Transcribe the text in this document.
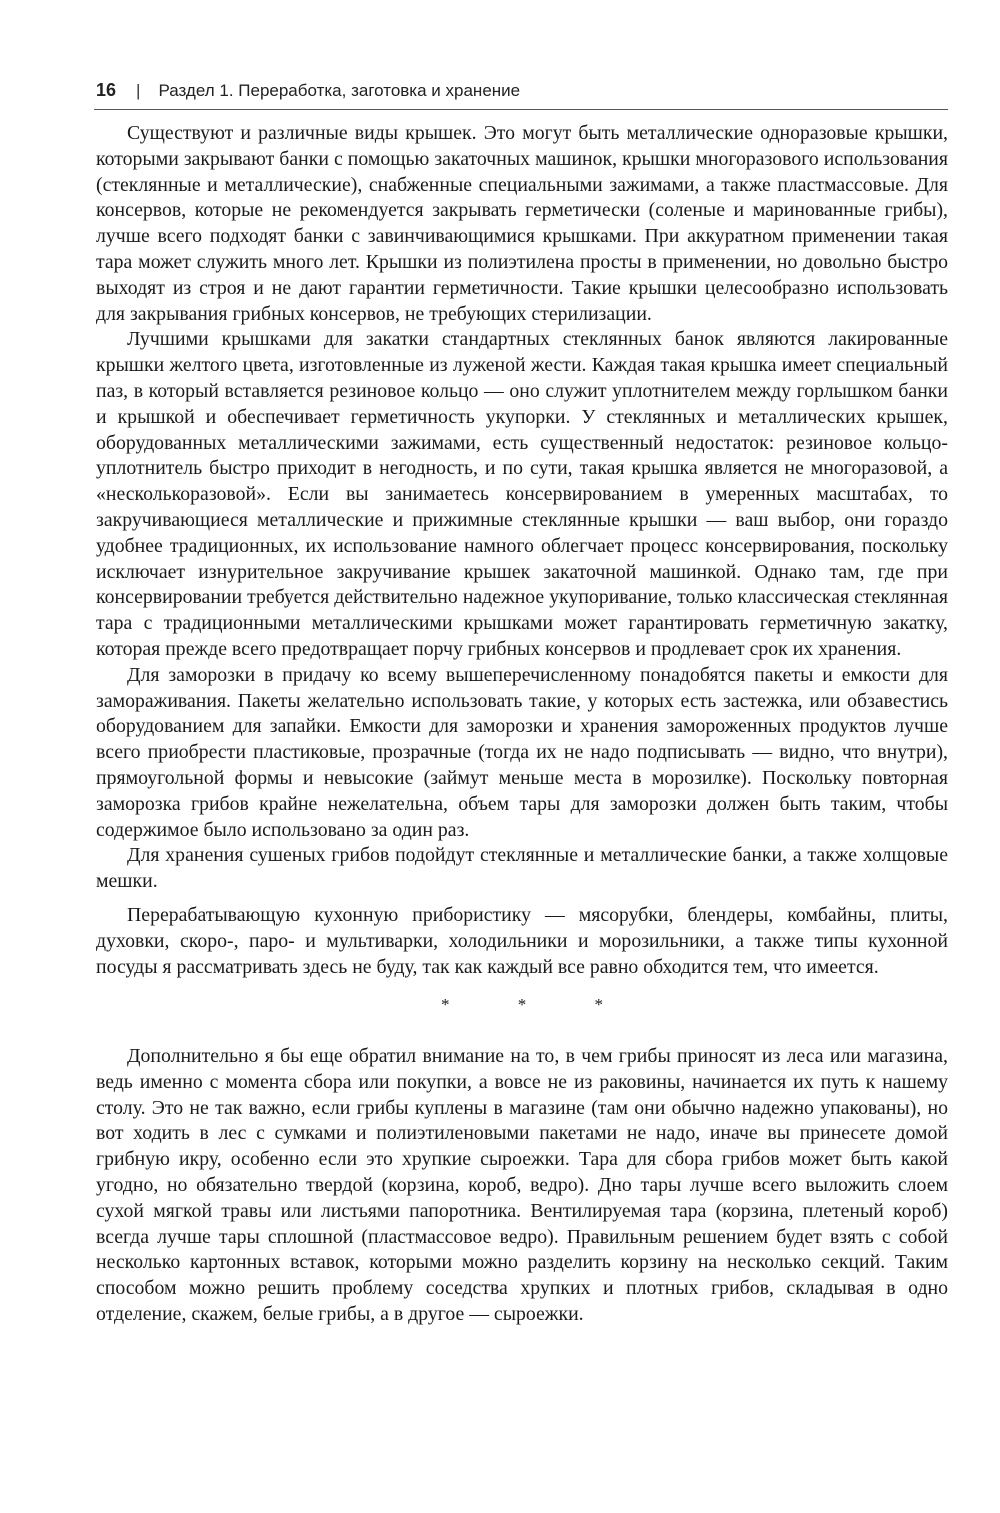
16 | Раздел 1. Переработка, заготовка и хранение

Существуют и различные виды крышек. Это могут быть металлические одноразовые крышки, которыми закрывают банки с помощью закаточных машинок, крышки многоразового использования (стеклянные и металлические), снабженные специальными зажимами, а также пластмассовые. Для консервов, которые не рекомендуется закрывать герметически (соленые и маринованные грибы), лучше всего подходят банки с завинчивающимися крышками. При аккуратном применении такая тара может служить много лет. Крышки из полиэтилена просты в применении, но довольно быстро выходят из строя и не дают гарантии герметичности. Такие крышки целесообразно использовать для закрывания грибных консервов, не требующих стерилизации.

Лучшими крышками для закатки стандартных стеклянных банок являются лакированные крышки желтого цвета, изготовленные из луженой жести. Каждая такая крышка имеет специальный паз, в который вставляется резиновое кольцо — оно служит уплотнителем между горлышком банки и крышкой и обеспечивает герметичность укупорки. У стеклянных и металлических крышек, оборудованных металлическими зажимами, есть существенный недостаток: резиновое кольцо-уплотнитель быстро приходит в негодность, и по сути, такая крышка является не многоразовой, а «несколькоразовой». Если вы занимаетесь консервированием в умеренных масштабах, то закручивающиеся металлические и прижимные стеклянные крышки — ваш выбор, они гораздо удобнее традиционных, их использование намного облегчает процесс консервирования, поскольку исключает изнурительное закручивание крышек закаточной машинкой. Однако там, где при консервировании требуется действительно надежное укупоривание, только классическая стеклянная тара с традиционными металлическими крышками может гарантировать герметичную закатку, которая прежде всего предотвращает порчу грибных консервов и продлевает срок их хранения.

Для заморозки в придачу ко всему вышеперечисленному понадобятся пакеты и емкости для замораживания. Пакеты желательно использовать такие, у которых есть застежка, или обзавестись оборудованием для запайки. Емкости для заморозки и хранения замороженных продуктов лучше всего приобрести пластиковые, прозрачные (тогда их не надо подписывать — видно, что внутри), прямоугольной формы и невысокие (займут меньше места в морозилке). Поскольку повторная заморозка грибов крайне нежелательна, объем тары для заморозки должен быть таким, чтобы содержимое было использовано за один раз.

Для хранения сушеных грибов подойдут стеклянные и металлические банки, а также холщовые мешки.

Перерабатывающую кухонную прибористику — мясорубки, блендеры, комбайны, плиты, духовки, скоро-, паро- и мультиварки, холодильники и морозильники, а также типы кухонной посуды я рассматривать здесь не буду, так как каждый все равно обходится тем, что имеется.

* * *

Дополнительно я бы еще обратил внимание на то, в чем грибы приносят из леса или магазина, ведь именно с момента сбора или покупки, а вовсе не из раковины, начинается их путь к нашему столу. Это не так важно, если грибы куплены в магазине (там они обычно надежно упакованы), но вот ходить в лес с сумками и полиэтиленовыми пакетами не надо, иначе вы принесете домой грибную икру, особенно если это хрупкие сыроежки. Тара для сбора грибов может быть какой угодно, но обязательно твердой (корзина, короб, ведро). Дно тары лучше всего выложить слоем сухой мягкой травы или листьями папоротника. Вентилируемая тара (корзина, плетеный короб) всегда лучше тары сплошной (пластмассовое ведро). Правильным решением будет взять с собой несколько картонных вставок, которыми можно разделить корзину на несколько секций. Таким способом можно решить проблему соседства хрупких и плотных грибов, складывая в одно отделение, скажем, белые грибы, а в другое — сыроежки.
